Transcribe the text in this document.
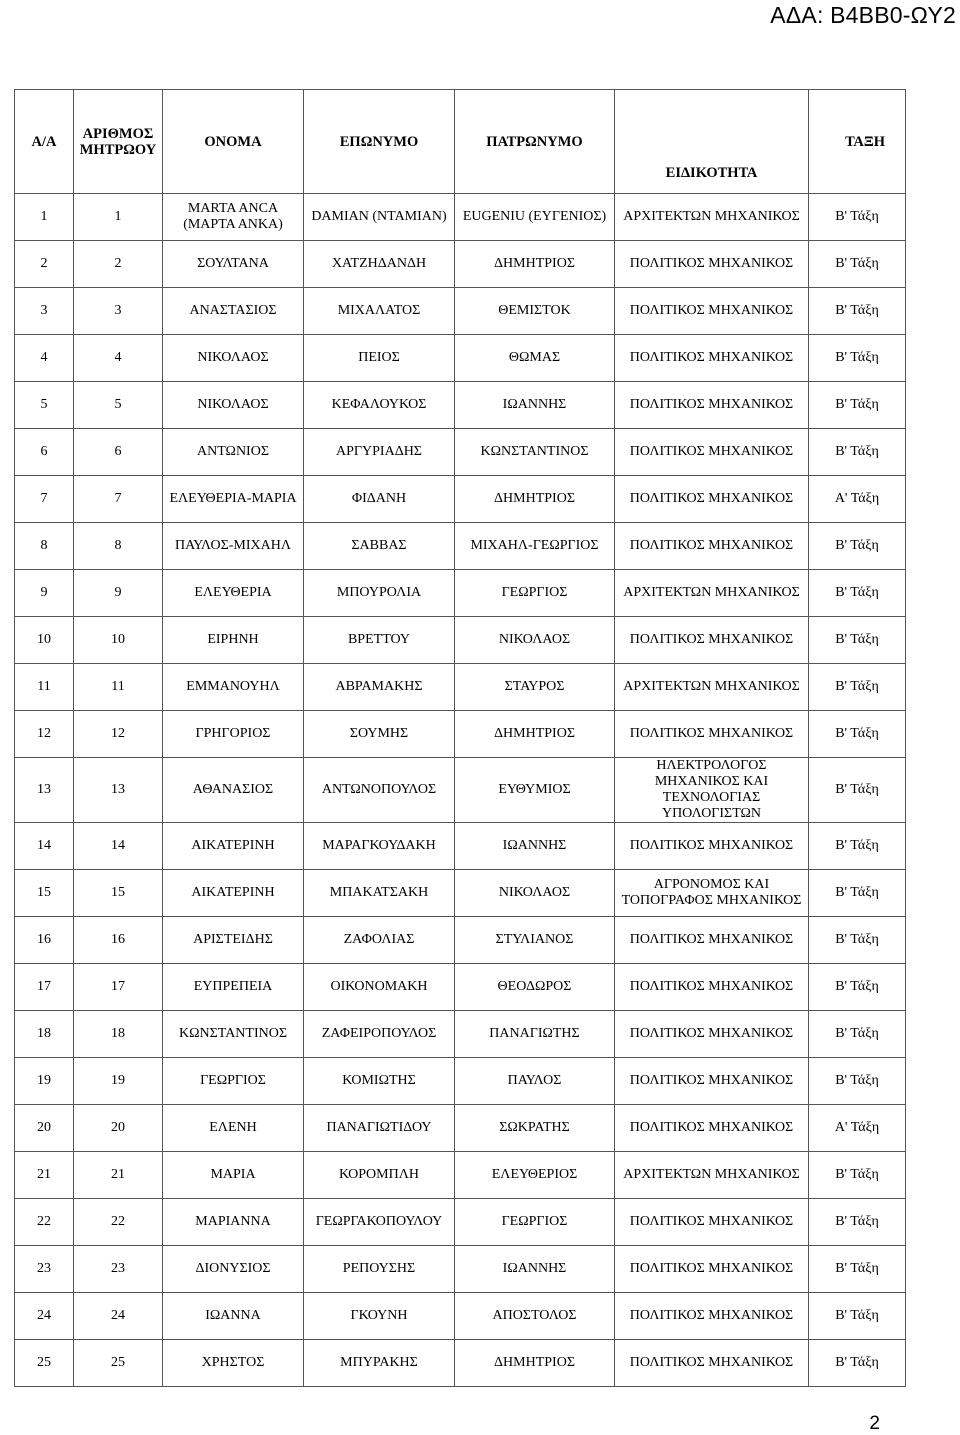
ΑΔΑ: Β4ΒΒ0-ΩΥ2
Α/Α	ΑΡΙΘΜΟΣ ΜΗΤΡΩΟΥ	ΟΝΟΜΑ	ΕΠΩΝΥΜΟ	ΠΑΤΡΩΝΥΜΟ	ΕΙΔΙΚΟΤΗΤΑ	ΤΑΞΗ
1	1	MARTA ANCA (ΜΑΡΤΑ ΑΝΚΑ)	DAMIAN (ΝΤΑΜΙΑΝ)	EUGENIU (ΕΥΓΕΝΙΟΣ)	ΑΡΧΙΤΕΚΤΩΝ ΜΗΧΑΝΙΚΟΣ	Β' Τάξη
2	2	ΣΟΥΛΤΑΝΑ	ΧΑΤΖΗΔΑΝΔΗ	ΔΗΜΗΤΡΙΟΣ	ΠΟΛΙΤΙΚΟΣ ΜΗΧΑΝΙΚΟΣ	Β' Τάξη
3	3	ΑΝΑΣΤΑΣΙΟΣ	ΜΙΧΑΛΑΤΟΣ	ΘΕΜΙΣΤΟΚ	ΠΟΛΙΤΙΚΟΣ ΜΗΧΑΝΙΚΟΣ	Β' Τάξη
4	4	ΝΙΚΟΛΑΟΣ	ΠΕΙΟΣ	ΘΩΜΑΣ	ΠΟΛΙΤΙΚΟΣ ΜΗΧΑΝΙΚΟΣ	Β' Τάξη
5	5	ΝΙΚΟΛΑΟΣ	ΚΕΦΑΛΟΥΚΟΣ	ΙΩΑΝΝΗΣ	ΠΟΛΙΤΙΚΟΣ ΜΗΧΑΝΙΚΟΣ	Β' Τάξη
6	6	ΑΝΤΩΝΙΟΣ	ΑΡΓΥΡΙΑΔΗΣ	ΚΩΝΣΤΑΝΤΙΝΟΣ	ΠΟΛΙΤΙΚΟΣ ΜΗΧΑΝΙΚΟΣ	Β' Τάξη
7	7	ΕΛΕΥΘΕΡΙΑ-ΜΑΡΙΑ	ΦΙΔΑΝΗ	ΔΗΜΗΤΡΙΟΣ	ΠΟΛΙΤΙΚΟΣ ΜΗΧΑΝΙΚΟΣ	Α' Τάξη
8	8	ΠΑΥΛΟΣ-ΜΙΧΑΗΛ	ΣΑΒΒΑΣ	ΜΙΧΑΗΛ-ΓΕΩΡΓΙΟΣ	ΠΟΛΙΤΙΚΟΣ ΜΗΧΑΝΙΚΟΣ	Β' Τάξη
9	9	ΕΛΕΥΘΕΡΙΑ	ΜΠΟΥΡΟΛΙΑ	ΓΕΩΡΓΙΟΣ	ΑΡΧΙΤΕΚΤΩΝ ΜΗΧΑΝΙΚΟΣ	Β' Τάξη
10	10	ΕΙΡΗΝΗ	ΒΡΕΤΤΟΥ	ΝΙΚΟΛΑΟΣ	ΠΟΛΙΤΙΚΟΣ ΜΗΧΑΝΙΚΟΣ	Β' Τάξη
11	11	ΕΜΜΑΝΟΥΗΛ	ΑΒΡΑΜΑΚΗΣ	ΣΤΑΥΡΟΣ	ΑΡΧΙΤΕΚΤΩΝ ΜΗΧΑΝΙΚΟΣ	Β' Τάξη
12	12	ΓΡΗΓΟΡΙΟΣ	ΣΟΥΜΗΣ	ΔΗΜΗΤΡΙΟΣ	ΠΟΛΙΤΙΚΟΣ ΜΗΧΑΝΙΚΟΣ	Β' Τάξη
13	13	ΑΘΑΝΑΣΙΟΣ	ΑΝΤΩΝΟΠΟΥΛΟΣ	ΕΥΘΥΜΙΟΣ	ΗΛΕΚΤΡΟΛΟΓΟΣ ΜΗΧΑΝΙΚΟΣ ΚΑΙ ΤΕΧΝΟΛΟΓΙΑΣ ΥΠΟΛΟΓΙΣΤΩΝ	Β' Τάξη
14	14	ΑΙΚΑΤΕΡΙΝΗ	ΜΑΡΑΓΚΟΥΔΑΚΗ	ΙΩΑΝΝΗΣ	ΠΟΛΙΤΙΚΟΣ ΜΗΧΑΝΙΚΟΣ	Β' Τάξη
15	15	ΑΙΚΑΤΕΡΙΝΗ	ΜΠΑΚΑΤΣΑΚΗ	ΝΙΚΟΛΑΟΣ	ΑΓΡΟΝΟΜΟΣ ΚΑΙ ΤΟΠΟΓΡΑΦΟΣ ΜΗΧΑΝΙΚΟΣ	Β' Τάξη
16	16	ΑΡΙΣΤΕΙΔΗΣ	ΖΑΦΟΛΙΑΣ	ΣΤΥΛΙΑΝΟΣ	ΠΟΛΙΤΙΚΟΣ ΜΗΧΑΝΙΚΟΣ	Β' Τάξη
17	17	ΕΥΠΡΕΠΕΙΑ	ΟΙΚΟΝΟΜΑΚΗ	ΘΕΟΔΩΡΟΣ	ΠΟΛΙΤΙΚΟΣ ΜΗΧΑΝΙΚΟΣ	Β' Τάξη
18	18	ΚΩΝΣΤΑΝΤΙΝΟΣ	ΖΑΦΕΙΡΟΠΟΥΛΟΣ	ΠΑΝΑΓΙΩΤΗΣ	ΠΟΛΙΤΙΚΟΣ ΜΗΧΑΝΙΚΟΣ	Β' Τάξη
19	19	ΓΕΩΡΓΙΟΣ	ΚΟΜΙΩΤΗΣ	ΠΑΥΛΟΣ	ΠΟΛΙΤΙΚΟΣ ΜΗΧΑΝΙΚΟΣ	Β' Τάξη
20	20	ΕΛΕΝΗ	ΠΑΝΑΓΙΩΤΙΔΟΥ	ΣΩΚΡΑΤΗΣ	ΠΟΛΙΤΙΚΟΣ ΜΗΧΑΝΙΚΟΣ	Α' Τάξη
21	21	ΜΑΡΙΑ	ΚΟΡΟΜΠΛΗ	ΕΛΕΥΘΕΡΙΟΣ	ΑΡΧΙΤΕΚΤΩΝ ΜΗΧΑΝΙΚΟΣ	Β' Τάξη
22	22	ΜΑΡΙΑΝΝΑ	ΓΕΩΡΓΑΚΟΠΟΥΛΟΥ	ΓΕΩΡΓΙΟΣ	ΠΟΛΙΤΙΚΟΣ ΜΗΧΑΝΙΚΟΣ	Β' Τάξη
23	23	ΔΙΟΝΥΣΙΟΣ	ΡΕΠΟΥΣΗΣ	ΙΩΑΝΝΗΣ	ΠΟΛΙΤΙΚΟΣ ΜΗΧΑΝΙΚΟΣ	Β' Τάξη
24	24	ΙΩΑΝΝΑ	ΓΚΟΥΝΗ	ΑΠΟΣΤΟΛΟΣ	ΠΟΛΙΤΙΚΟΣ ΜΗΧΑΝΙΚΟΣ	Β' Τάξη
25	25	ΧΡΗΣΤΟΣ	ΜΠΥΡΑΚΗΣ	ΔΗΜΗΤΡΙΟΣ	ΠΟΛΙΤΙΚΟΣ ΜΗΧΑΝΙΚΟΣ	Β' Τάξη
2
